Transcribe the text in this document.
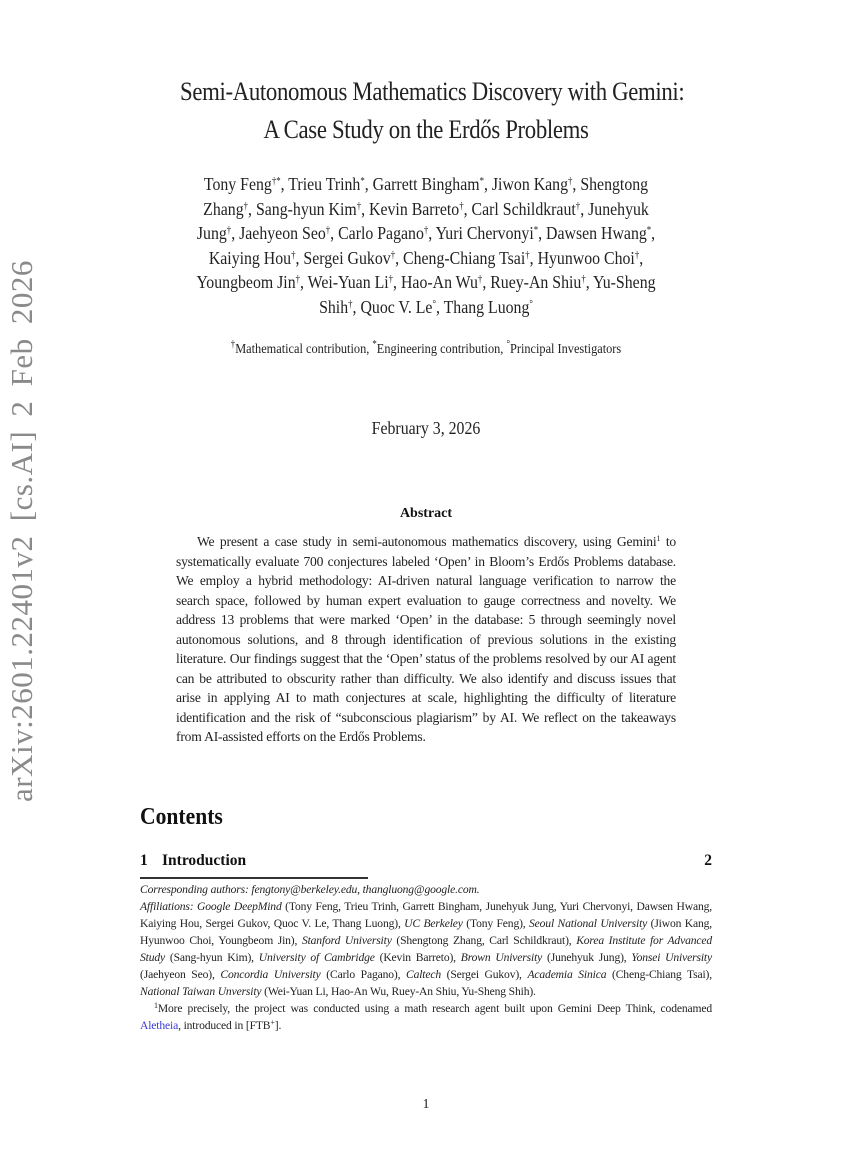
arXiv:2601.22401v2 [cs.AI] 2 Feb 2026
Semi-Autonomous Mathematics Discovery with Gemini:
A Case Study on the Erdős Problems
Tony Feng†*, Trieu Trinh*, Garrett Bingham*, Jiwon Kang†, Shengtong
Zhang†, Sang-hyun Kim†, Kevin Barreto†, Carl Schildkraut†, Junehyuk
Jung†, Jaehyeon Seo†, Carlo Pagano†, Yuri Chervonyi*, Dawsen Hwang*,
Kaiying Hou†, Sergei Gukov†, Cheng-Chiang Tsai†, Hyunwoo Choi†,
Youngbeom Jin†, Wei-Yuan Li†, Hao-An Wu†, Ruey-An Shiu†, Yu-Sheng
Shih†, Quoc V. Le°, Thang Luong°
†Mathematical contribution, *Engineering contribution, °Principal Investigators
February 3, 2026
Abstract
We present a case study in semi-autonomous mathematics discovery, using Gemini$^1$ to systematically evaluate 700 conjectures labeled ‘Open’ in Bloom’s Erdős Problems database. We employ a hybrid methodology: AI-driven natural language verification to narrow the search space, followed by human expert evaluation to gauge correctness and novelty. We address 13 problems that were marked ‘Open’ in the database: 5 through seemingly novel autonomous solutions, and 8 through identification of previous solutions in the existing literature. Our findings suggest that the ‘Open’ status of the problems resolved by our AI agent can be attributed to obscurity rather than difficulty. We also identify and discuss issues that arise in applying AI to math conjectures at scale, highlighting the difficulty of literature identification and the risk of “subconscious plagiarism” by AI. We reflect on the takeaways from AI-assisted efforts on the Erdős Problems.
Contents
1 Introduction	2
Corresponding authors: fengtony@berkeley.edu, thangluong@google.com.
Affiliations: Google DeepMind (Tony Feng, Trieu Trinh, Garrett Bingham, Junehyuk Jung, Yuri Chervonyi, Dawsen Hwang, Kaiying Hou, Sergei Gukov, Quoc V. Le, Thang Luong), UC Berkeley (Tony Feng), Seoul National University (Jiwon Kang, Hyunwoo Choi, Youngbeom Jin), Stanford University (Shengtong Zhang, Carl Schildkraut), Korea Institute for Advanced Study (Sang-hyun Kim), University of Cambridge (Kevin Barreto), Brown University (Junehyuk Jung), Yonsei University (Jaehyeon Seo), Concordia University (Carlo Pagano), Caltech (Sergei Gukov), Academia Sinica (Cheng-Chiang Tsai), National Taiwan Unversity (Wei-Yuan Li, Hao-An Wu, Ruey-An Shiu, Yu-Sheng Shih).
$^1$More precisely, the project was conducted using a math research agent built upon Gemini Deep Think, codenamed Aletheia, introduced in [FTB+].
1
